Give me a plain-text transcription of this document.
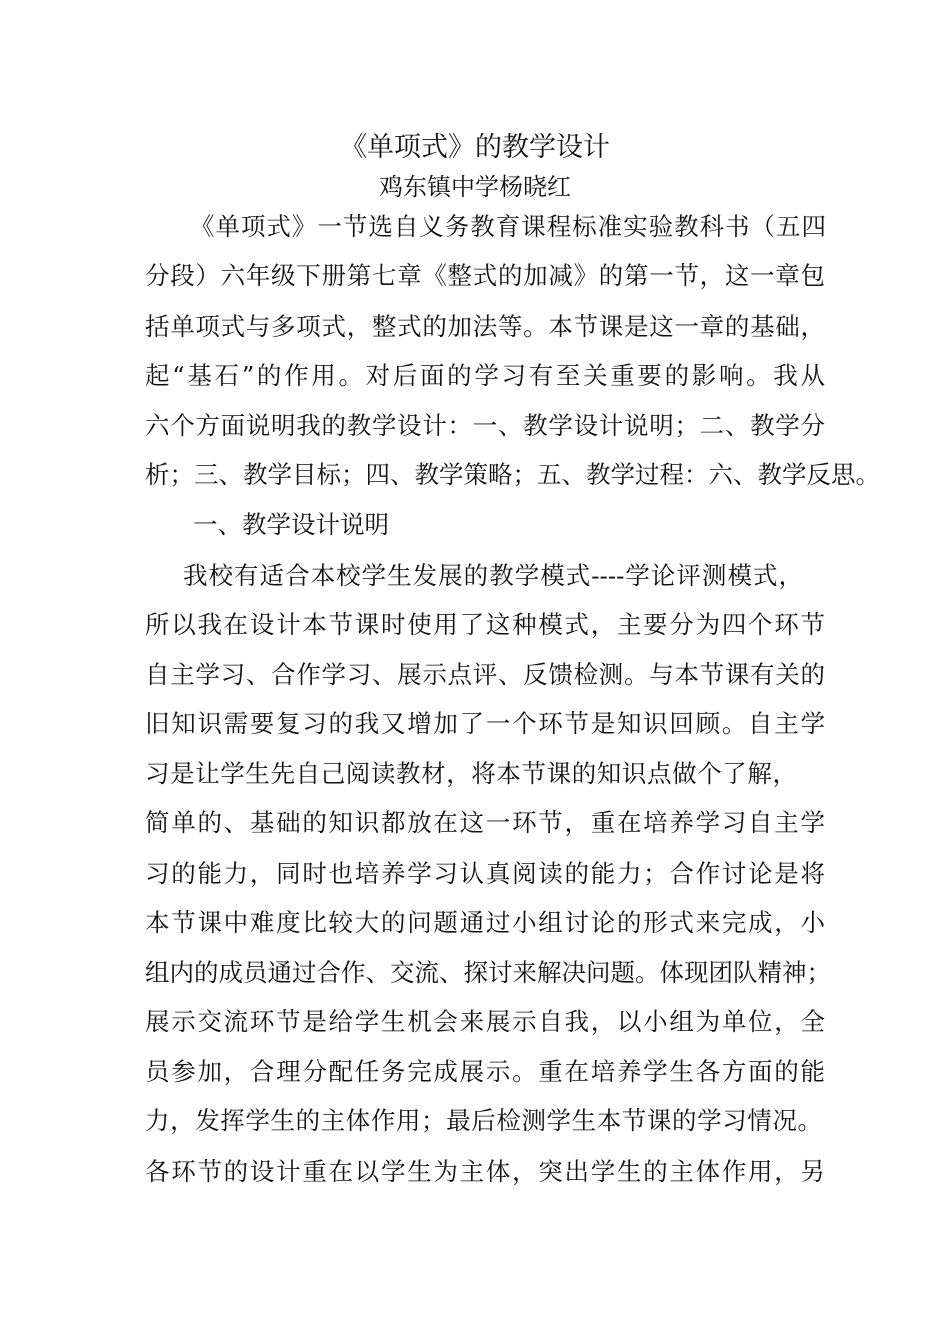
《单项式》的教学设计
鸡东镇中学杨晓红
《单项式》一节选自义务教育课程标准实验教科书（五四
分段）六年级下册第七章《整式的加减》的第一节，这一章包
括单项式与多项式，整式的加法等。本节课是这一章的基础，
起“基石”的作用。对后面的学习有至关重要的影响。我从
六个方面说明我的教学设计：一、教学设计说明；二、教学分
析；三、教学目标；四、教学策略；五、教学过程：六、教学反思。
一、教学设计说明
我校有适合本校学生发展的教学模式----学论评测模式，
所以我在设计本节课时使用了这种模式，主要分为四个环节
自主学习、合作学习、展示点评、反馈检测。与本节课有关的
旧知识需要复习的我又增加了一个环节是知识回顾。自主学
习是让学生先自己阅读教材，将本节课的知识点做个了解，
简单的、基础的知识都放在这一环节，重在培养学习自主学
习的能力，同时也培养学习认真阅读的能力；合作讨论是将
本节课中难度比较大的问题通过小组讨论的形式来完成，小
组内的成员通过合作、交流、探讨来解决问题。体现团队精神；
展示交流环节是给学生机会来展示自我，以小组为单位，全
员参加，合理分配任务完成展示。重在培养学生各方面的能
力，发挥学生的主体作用；最后检测学生本节课的学习情况。
各环节的设计重在以学生为主体，突出学生的主体作用，另
